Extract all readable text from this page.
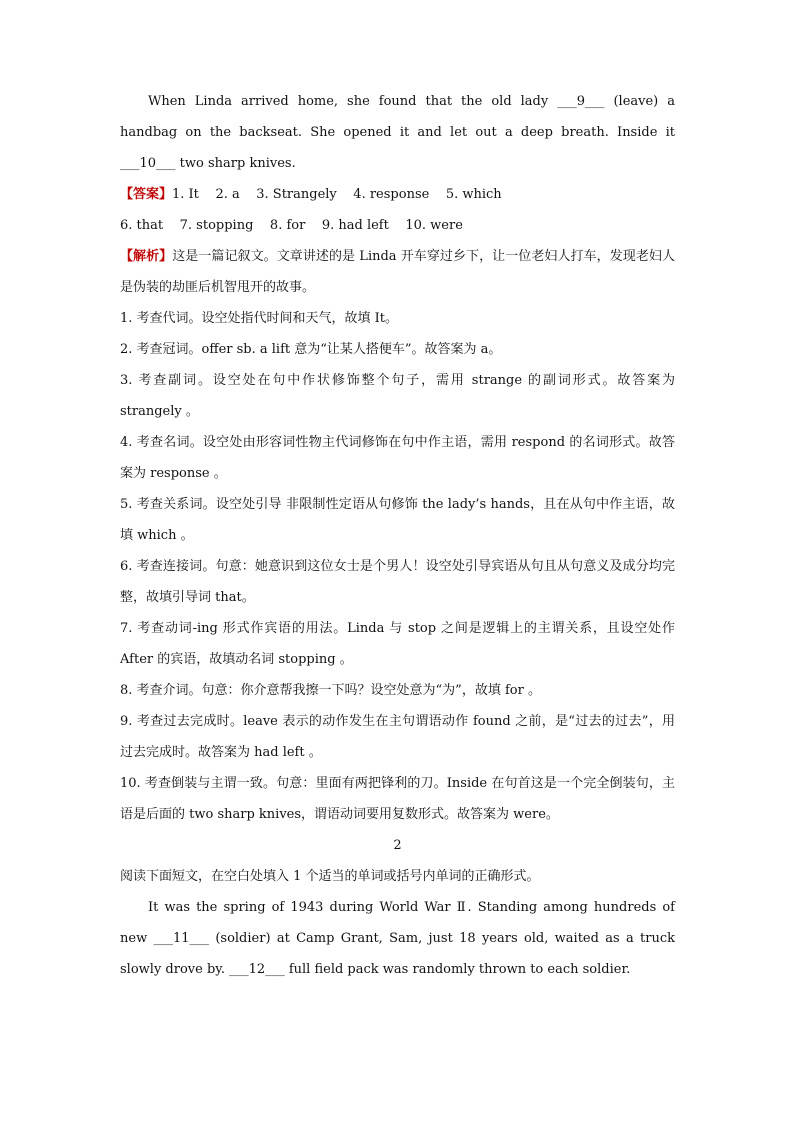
When Linda arrived home, she found that the old lady ___9___ (leave) a handbag on the backseat. She opened it and let out a deep breath. Inside it ___10___ two sharp knives.

【答案】1. It    2. a    3. Strangely    4. response    5. which

6. that    7. stopping    8. for    9. had left    10. were

【解析】这是一篇记叙文。文章讲述的是 Linda 开车穿过乡下，让一位老妇人打车，发现老妇人是伪装的劫匪后机智甩开的故事。

1. 考查代词。设空处指代时间和天气，故填 It。

2. 考查冠词。offer sb. a lift 意为“让某人搭便车”。故答案为 a。

3. 考查副词。设空处在句中作状修饰整个句子，需用 strange 的副词形式。故答案为 strangely 。

4. 考查名词。设空处由形容词性物主代词修饰在句中作主语，需用 respond 的名词形式。故答案为 response 。

5. 考查关系词。设空处引导 非限制性定语从句修饰 the lady’s hands，且在从句中作主语，故填 which 。

6. 考查连接词。句意：她意识到这位女士是个男人！设空处引导宾语从句且从句意义及成分均完整，故填引导词 that。

7. 考查动词-ing 形式作宾语的用法。Linda 与 stop 之间是逻辑上的主谓关系，且设空处作 After 的宾语，故填动名词 stopping 。

8. 考查介词。句意：你介意帮我擦一下吗？设空处意为“为”，故填 for 。

9. 考查过去完成时。leave 表示的动作发生在主句谓语动作 found 之前，是“过去的过去”，用过去完成时。故答案为 had left 。

10. 考查倒装与主谓一致。句意：里面有两把锋利的刀。Inside 在句首这是一个完全倒装句，主语是后面的 two sharp knives，谓语动词要用复数形式。故答案为 were。

2

阅读下面短文，在空白处填入 1 个适当的单词或括号内单词的正确形式。

It was the spring of 1943 during World War Ⅱ. Standing among hundreds of new ___11___ (soldier) at Camp Grant, Sam, just 18 years old, waited as a truck slowly drove by. ___12___ full field pack was randomly thrown to each soldier.
